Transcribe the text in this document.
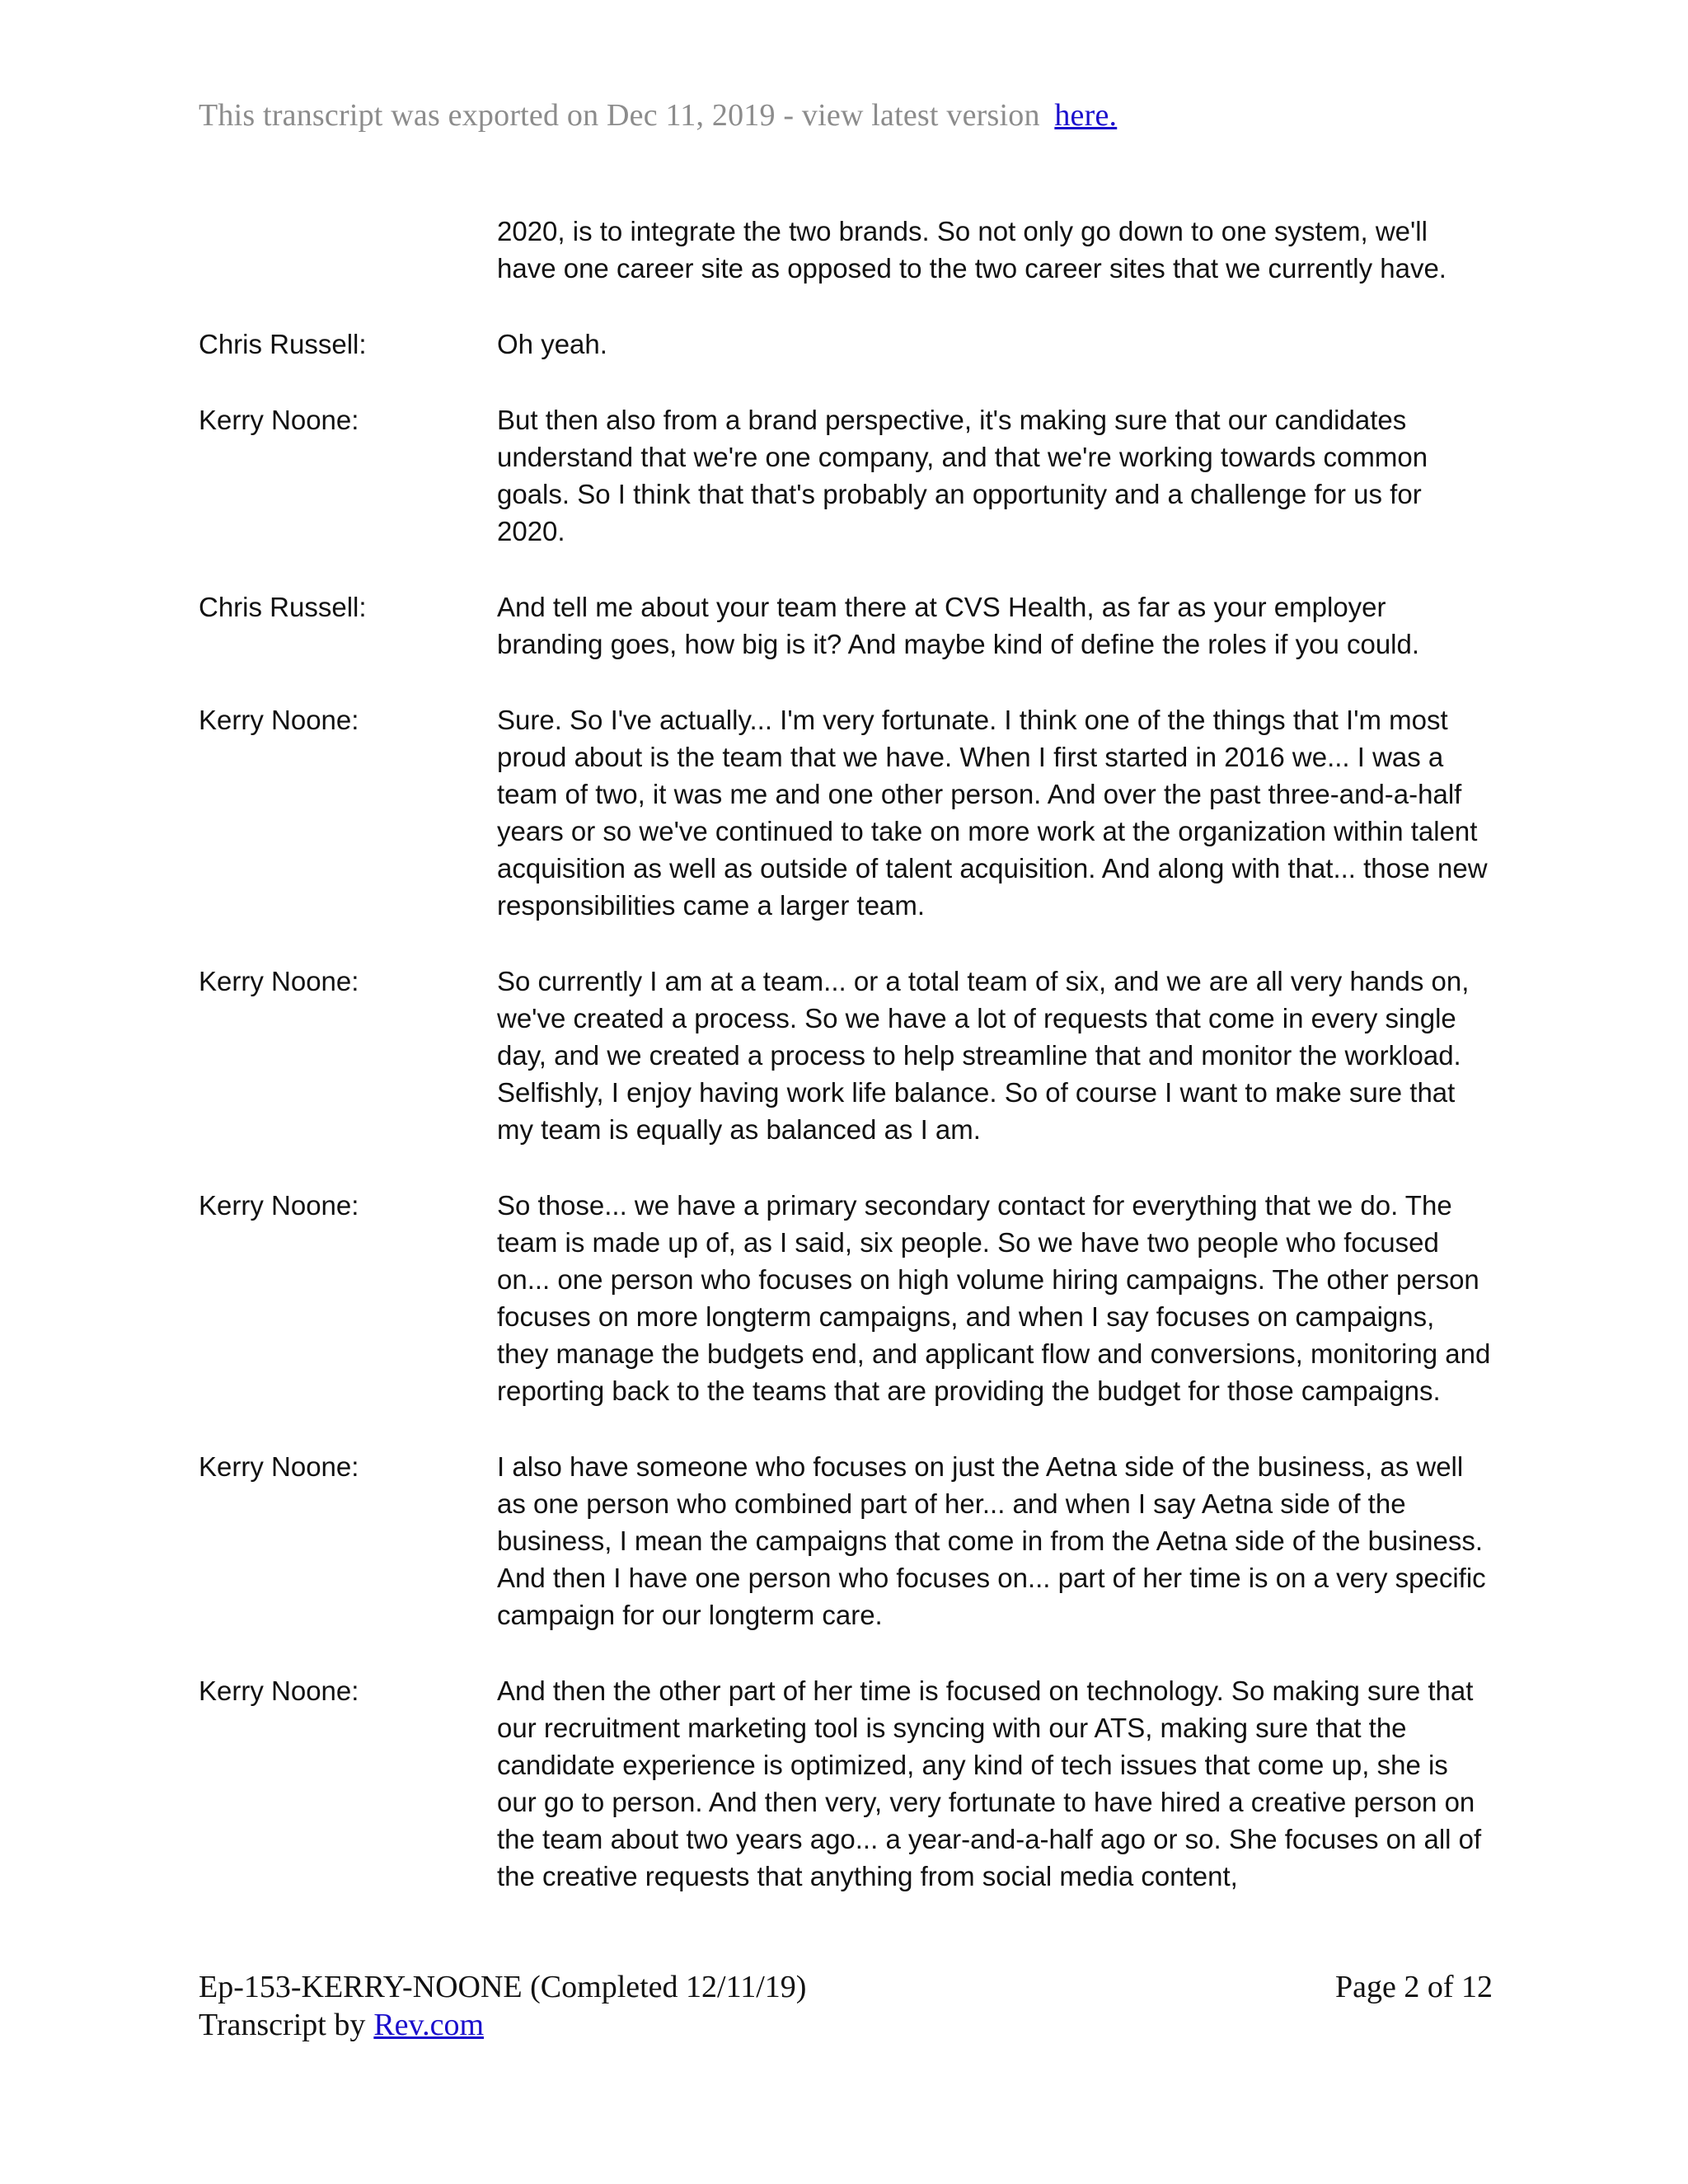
This transcript was exported on Dec 11, 2019 - view latest version here.
2020, is to integrate the two brands. So not only go down to one system, we'll have one career site as opposed to the two career sites that we currently have.
Chris Russell:	Oh yeah.
Kerry Noone:	But then also from a brand perspective, it's making sure that our candidates understand that we're one company, and that we're working towards common goals. So I think that that's probably an opportunity and a challenge for us for 2020.
Chris Russell:	And tell me about your team there at CVS Health, as far as your employer branding goes, how big is it? And maybe kind of define the roles if you could.
Kerry Noone:	Sure. So I've actually... I'm very fortunate. I think one of the things that I'm most proud about is the team that we have. When I first started in 2016 we... I was a team of two, it was me and one other person. And over the past three-and-a-half years or so we've continued to take on more work at the organization within talent acquisition as well as outside of talent acquisition. And along with that... those new responsibilities came a larger team.
Kerry Noone:	So currently I am at a team... or a total team of six, and we are all very hands on, we've created a process. So we have a lot of requests that come in every single day, and we created a process to help streamline that and monitor the workload. Selfishly, I enjoy having work life balance. So of course I want to make sure that my team is equally as balanced as I am.
Kerry Noone:	So those... we have a primary secondary contact for everything that we do. The team is made up of, as I said, six people. So we have two people who focused on... one person who focuses on high volume hiring campaigns. The other person focuses on more longterm campaigns, and when I say focuses on campaigns, they manage the budgets end, and applicant flow and conversions, monitoring and reporting back to the teams that are providing the budget for those campaigns.
Kerry Noone:	I also have someone who focuses on just the Aetna side of the business, as well as one person who combined part of her... and when I say Aetna side of the business, I mean the campaigns that come in from the Aetna side of the business. And then I have one person who focuses on... part of her time is on a very specific campaign for our longterm care.
Kerry Noone:	And then the other part of her time is focused on technology. So making sure that our recruitment marketing tool is syncing with our ATS, making sure that the candidate experience is optimized, any kind of tech issues that come up, she is our go to person. And then very, very fortunate to have hired a creative person on the team about two years ago... a year-and-a-half ago or so. She focuses on all of the creative requests that anything from social media content,
Ep-153-KERRY-NOONE (Completed 12/11/19)	Page 2 of 12
Transcript by Rev.com
